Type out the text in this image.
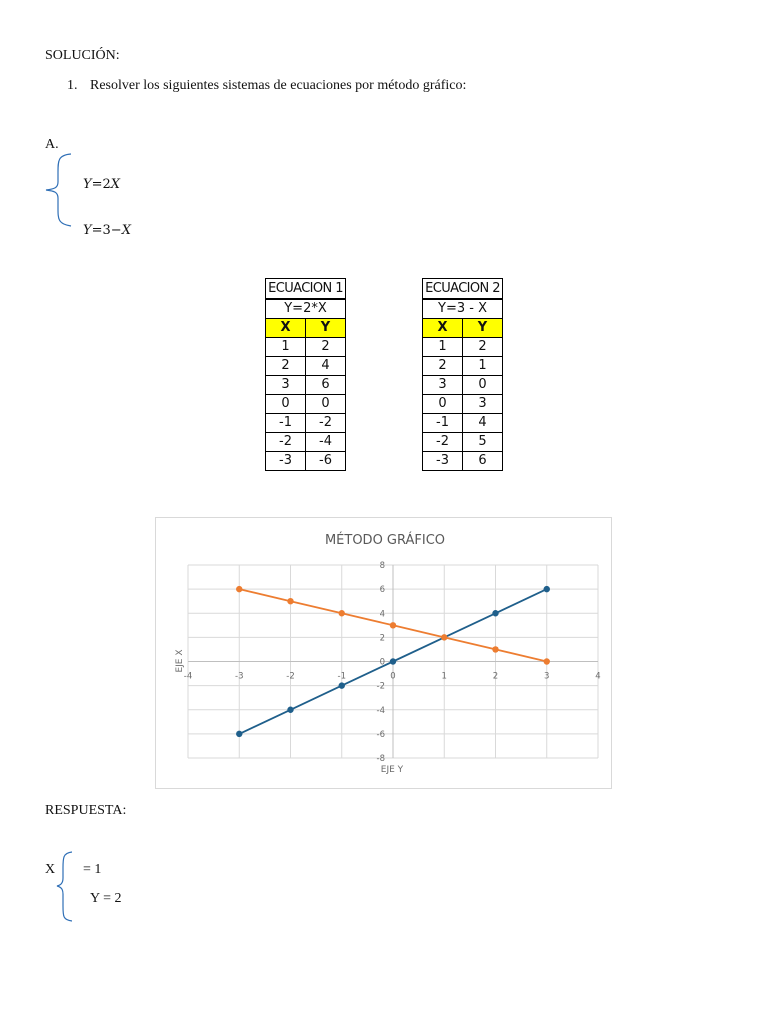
SOLUCIÓN:
1. Resolver los siguientes sistemas de ecuaciones por método gráfico:
A.
Y=2X
Y=3−X
ECUACION 1	
Y=2*X	
X	Y
1	2
2	4
3	6
0	0
-1	-2
-2	-4
-3	-6
ECUACION 2	
Y=3 - X	
X	Y
1	2
2	1
3	0
0	3
-1	4
-2	5
-3	6
MÉTODO GRÁFICO
-4	-3	-2	-1	0	1	2	3	4
-8
-6
-4
-2
0
2
4
6
8
EJE Y
EJE X
RESPUESTA:
X = 1
Y = 2
